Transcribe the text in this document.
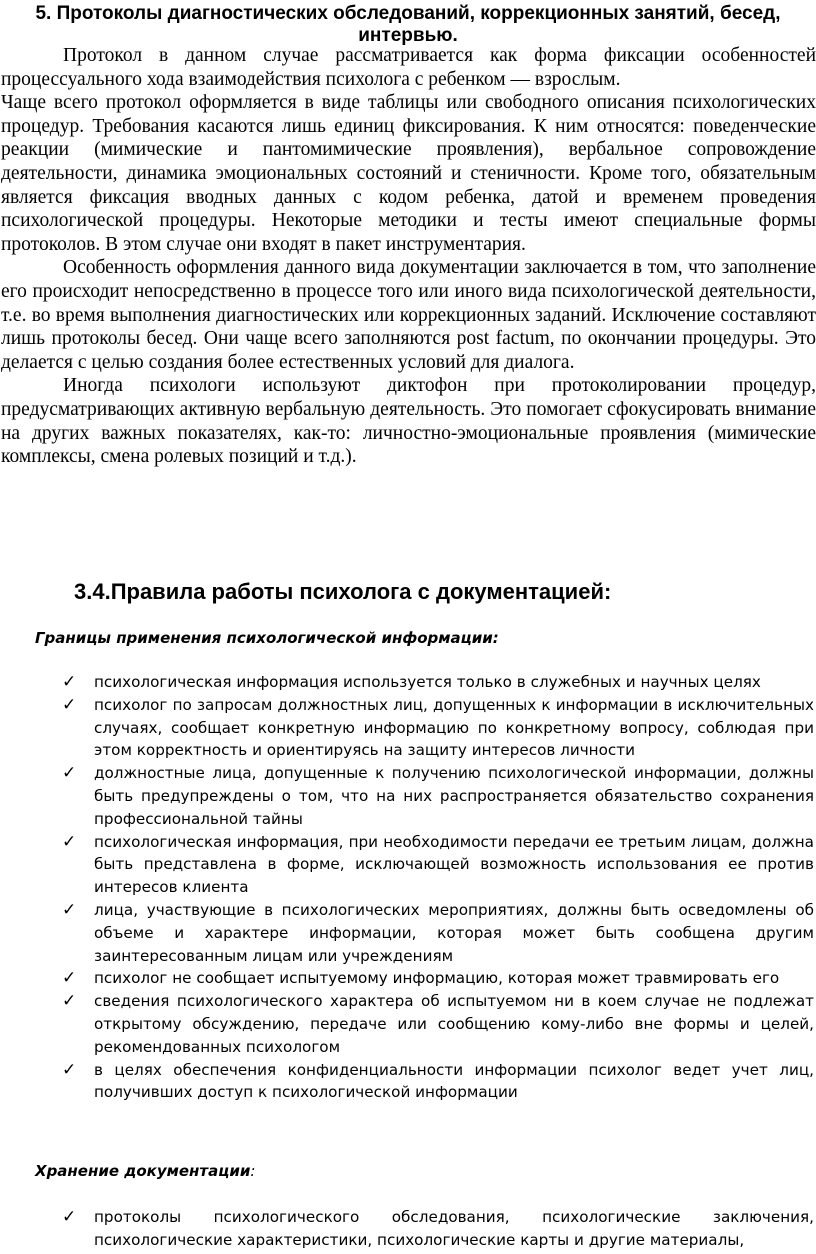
5. Протоколы диагностических обследований, коррекционных занятий, бесед, интервью.

Протокол в данном случае рассматривается как форма фиксации особенностей процессуального хода взаимодействия психолога с ребенком — взрослым.

Чаще всего протокол оформляется в виде таблицы или свободного описания психологических процедур. Требования касаются лишь единиц фиксирования. К ним относятся: поведенческие реакции (мимические и пантомимические проявления), вербальное сопровождение деятельности, динамика эмоциональных состояний и стеничности. Кроме того, обязательным является фиксация вводных данных с кодом ребенка, датой и временем проведения психологической процедуры. Некоторые методики и тесты имеют специальные формы протоколов. В этом случае они входят в пакет инструментария.

Особенность оформления данного вида документации заключается в том, что заполнение его происходит непосредственно в процессе того или иного вида психологической деятельности, т.е. во время выполнения диагностических или коррекционных заданий. Исключение составляют лишь протоколы бесед. Они чаще всего заполняются post factum, по окончании процедуры. Это делается с целью создания более естественных условий для диалога.

Иногда психологи используют диктофон при протоколировании процедур, предусматривающих активную вербальную деятельность. Это помогает сфокусировать внимание на других важных показателях, как-то: личностно-эмоциональные проявления (мимические комплексы, смена ролевых позиций и т.д.).

3.4.Правила работы психолога с документацией:
Границы применения психологической информации:
✓ психологическая информация используется только в служебных и научных целях
✓ психолог по запросам должностных лиц, допущенных к информации в исключительных случаях, сообщает конкретную информацию по конкретному вопросу, соблюдая при этом корректность и ориентируясь на защиту интересов личности
✓ должностные лица, допущенные к получению психологической информации, должны быть предупреждены о том, что на них распространяется обязательство сохранения профессиональной тайны
✓ психологическая информация, при необходимости передачи ее третьим лицам, должна быть представлена в форме, исключающей возможность использования ее против интересов клиента
✓ лица, участвующие в психологических мероприятиях, должны быть осведомлены об объеме и характере информации, которая может быть сообщена другим заинтересованным лицам или учреждениям
✓ психолог не сообщает испытуемому информацию, которая может травмировать его
✓ сведения психологического характера об испытуемом ни в коем случае не подлежат открытому обсуждению, передаче или сообщению кому-либо вне формы и целей, рекомендованных психологом
✓ в целях обеспечения конфиденциальности информации психолог ведет учет лиц, получивших доступ к психологической информации
Хранение документации:
✓ протоколы психологического обследования, психологические заключения, психологические характеристики, психологические карты и другие материалы,
